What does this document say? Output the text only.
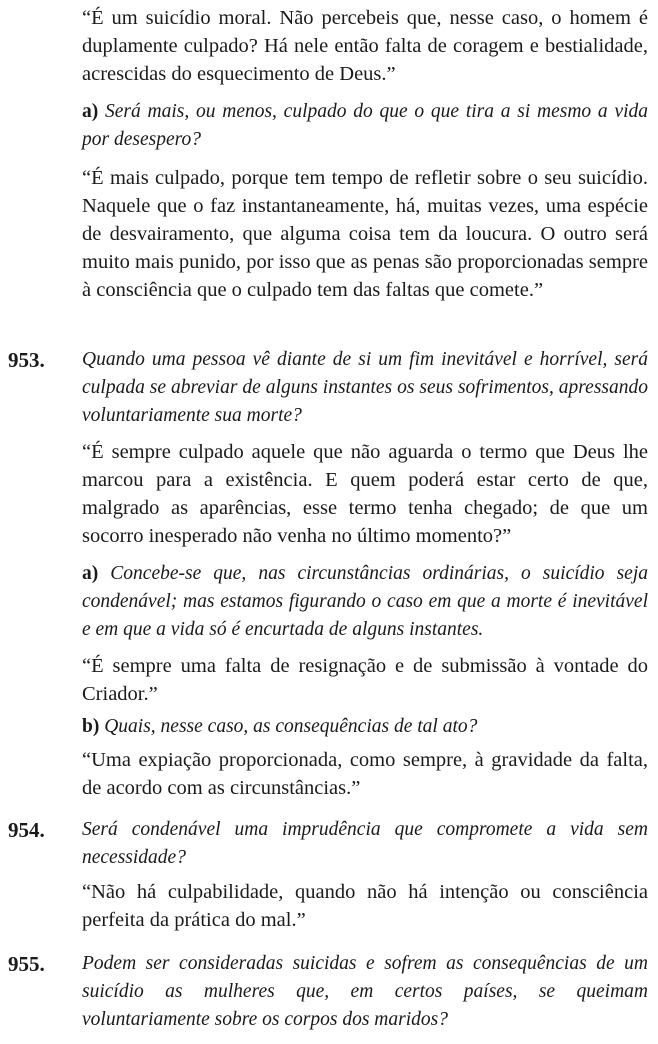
“É um suicídio moral. Não percebeis que, nesse caso, o homem é duplamente culpado? Há nele então falta de coragem e bestialidade, acrescidas do esquecimento de Deus.”

a) Será mais, ou menos, culpado do que o que tira a si mesmo a vida por desespero?

“É mais culpado, porque tem tempo de refletir sobre o seu suicídio. Naquele que o faz instantaneamente, há, muitas vezes, uma espécie de desvairamento, que alguma coisa tem da loucura. O outro será muito mais punido, por isso que as penas são proporcionadas sempre à consciência que o culpado tem das faltas que comete.”

953. Quando uma pessoa vê diante de si um fim inevitável e horrível, será culpada se abreviar de alguns instantes os seus sofrimentos, apressando voluntariamente sua morte?

“É sempre culpado aquele que não aguarda o termo que Deus lhe marcou para a existência. E quem poderá estar certo de que, malgrado as aparências, esse termo tenha chegado; de que um socorro inesperado não venha no último momento?”

a) Concebe-se que, nas circunstâncias ordinárias, o suicídio seja condenável; mas estamos figurando o caso em que a morte é inevitável e em que a vida só é encurtada de alguns instantes.

“É sempre uma falta de resignação e de submissão à vontade do Criador.”

b) Quais, nesse caso, as consequências de tal ato?

“Uma expiação proporcionada, como sempre, à gravidade da falta, de acordo com as circunstâncias.”

954. Será condenável uma imprudência que compromete a vida sem necessidade?

“Não há culpabilidade, quando não há intenção ou consciência perfeita da prática do mal.”

955. Podem ser consideradas suicidas e sofrem as consequências de um suicídio as mulheres que, em certos países, se queimam voluntariamente sobre os corpos dos maridos?
